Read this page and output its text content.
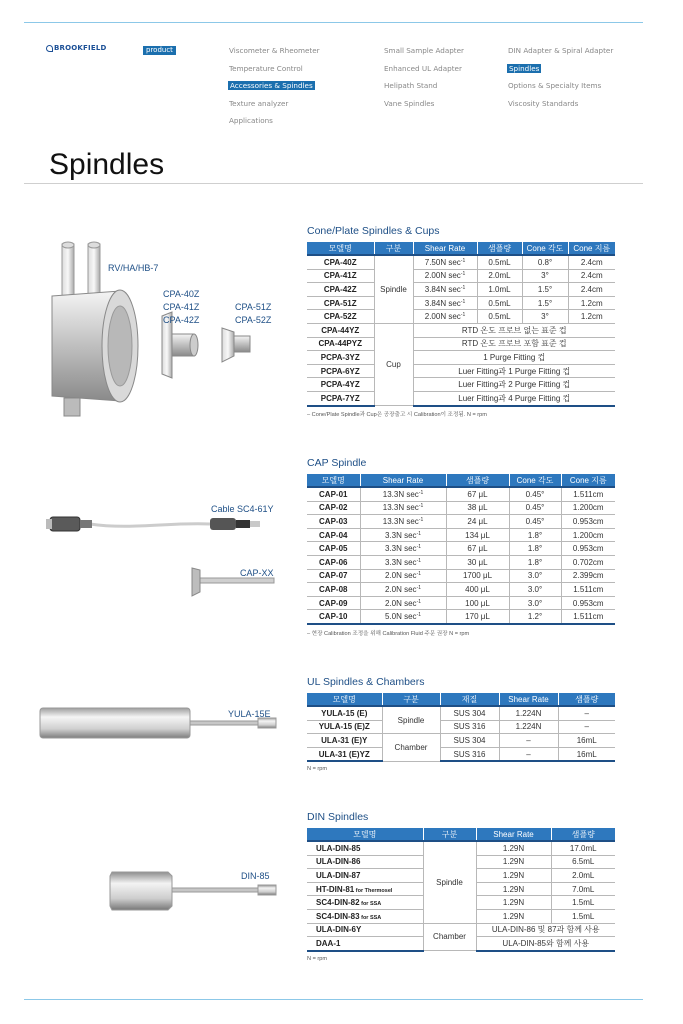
BROOKFIELD	product	Viscometer & Rheometer
Temperature Control
Accessories & Spindles
Texture analyzer
Applications
Small Sample Adapter
Enhanced UL Adapter
Helipath Stand
Vane Spindles
DIN Adapter & Spiral Adapter
Spindles
Options & Specialty Items
Viscosity Standards
Spindles
RV/HA/HB-7
CPA-40Z
CPA-41Z
CPA-42Z
CPA-51Z
CPA-52Z
Cone/Plate Spindles & Cups
모델명	구분	Shear Rate	샘플량	Cone 각도	Cone 지름
CPA-40Z	Spindle	7.50N $\sec^{-1}$	0.5mL	0.8°	2.4cm
CPA-41Z		2.00N $\sec^{-1}$	2.0mL	3°	2.4cm
CPA-42Z		3.84N $\sec^{-1}$	1.0mL	1.5°	2.4cm
CPA-51Z		3.84N $\sec^{-1}$	0.5mL	1.5°	1.2cm
CPA-52Z		2.00N $\sec^{-1}$	0.5mL	3°	1.2cm
CPA-44YZ	Cup	RTD 온도 프로브 없는 표준 컵			
CPA-44PYZ		RTD 온도 프로브 포함 표준 컵			
PCPA-3YZ		1 Purge Fitting 컵			
PCPA-6YZ		Luer Fitting과 1 Purge Fitting 컵			
PCPA-4YZ		Luer Fitting과 2 Purge Fitting 컵			
PCPA-7YZ		Luer Fitting과 4 Purge Fitting 컵			
– Cone/Plate Spindle과 Cup은 공장출고 시 Calibration이 조정됨. N = rpm
Cable SC4-61Y
CAP-XX
CAP Spindle
모델명	Shear Rate	샘플량	Cone 각도	Cone 지름
CAP-01	13.3N $\sec^{-1}$	67 μL	0.45°	1.511cm
CAP-02	13.3N $\sec^{-1}$	38 μL	0.45°	1.200cm
CAP-03	13.3N $\sec^{-1}$	24 μL	0.45°	0.953cm
CAP-04	3.3N $\sec^{-1}$	134 μL	1.8°	1.200cm
CAP-05	3.3N $\sec^{-1}$	67 μL	1.8°	0.953cm
CAP-06	3.3N $\sec^{-1}$	30 μL	1.8°	0.702cm
CAP-07	2.0N $\sec^{-1}$	1700 μL	3.0°	2.399cm
CAP-08	2.0N $\sec^{-1}$	400 μL	3.0°	1.511cm
CAP-09	2.0N $\sec^{-1}$	100 μL	3.0°	0.953cm
CAP-10	5.0N $\sec^{-1}$	170 μL	1.2°	1.511cm
– 현장 Calibration 조정을 위해 Calibration Fluid 주문 권장 N = rpm
YULA-15E
UL Spindles & Chambers
모델명	구분	재질	Shear Rate	샘플량
YULA-15 (E)	Spindle	SUS 304	1.224N	–
YULA-15 (E)Z		SUS 316	1.224N	–
ULA-31 (E)Y	Chamber	SUS 304	–	16mL
ULA-31 (E)YZ		SUS 316	–	16mL
N = rpm
DIN-85
DIN Spindles
모델명	구분	Shear Rate	샘플량
ULA-DIN-85	Spindle	1.29N	17.0mL
ULA-DIN-86		1.29N	6.5mL
ULA-DIN-87		1.29N	2.0mL
HT-DIN-81 for Thermosel		1.29N	7.0mL
SC4-DIN-82 for SSA		1.29N	1.5mL
SC4-DIN-83 for SSA		1.29N	1.5mL
ULA-DIN-6Y	Chamber	ULA-DIN-86 및 87과 함께 사용	
DAA-1		ULA-DIN-85와 함께 사용	
N = rpm
